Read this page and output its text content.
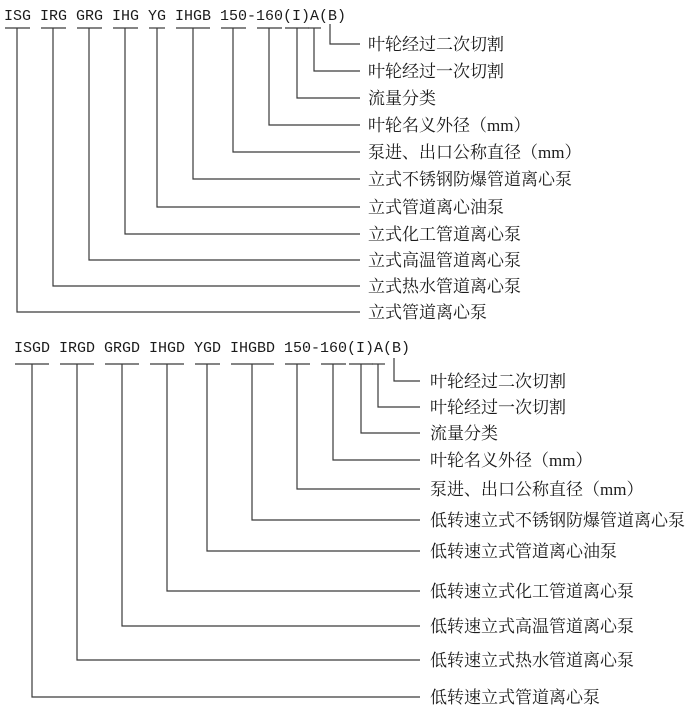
立式管道离心泵
立式热水管道离心泵
立式高温管道离心泵
立式化工管道离心泵
立式管道离心油泵
立式不锈钢防爆管道离心泵
泵进、出口公称直径（mm）
叶轮名义外径（mm）
流量分类
叶轮经过一次切割
叶轮经过二次切割
ISG IRG GRG IHG YG IHGB 150-160(I)A(B)
低转速立式管道离心泵
低转速立式热水管道离心泵
低转速立式高温管道离心泵
低转速立式化工管道离心泵
低转速立式管道离心油泵
低转速立式不锈钢防爆管道离心泵
泵进、出口公称直径（mm）
叶轮名义外径（mm）
流量分类
叶轮经过一次切割
叶轮经过二次切割
ISGD IRGD GRGD IHGD YGD IHGBD 150-160(I)A(B)
